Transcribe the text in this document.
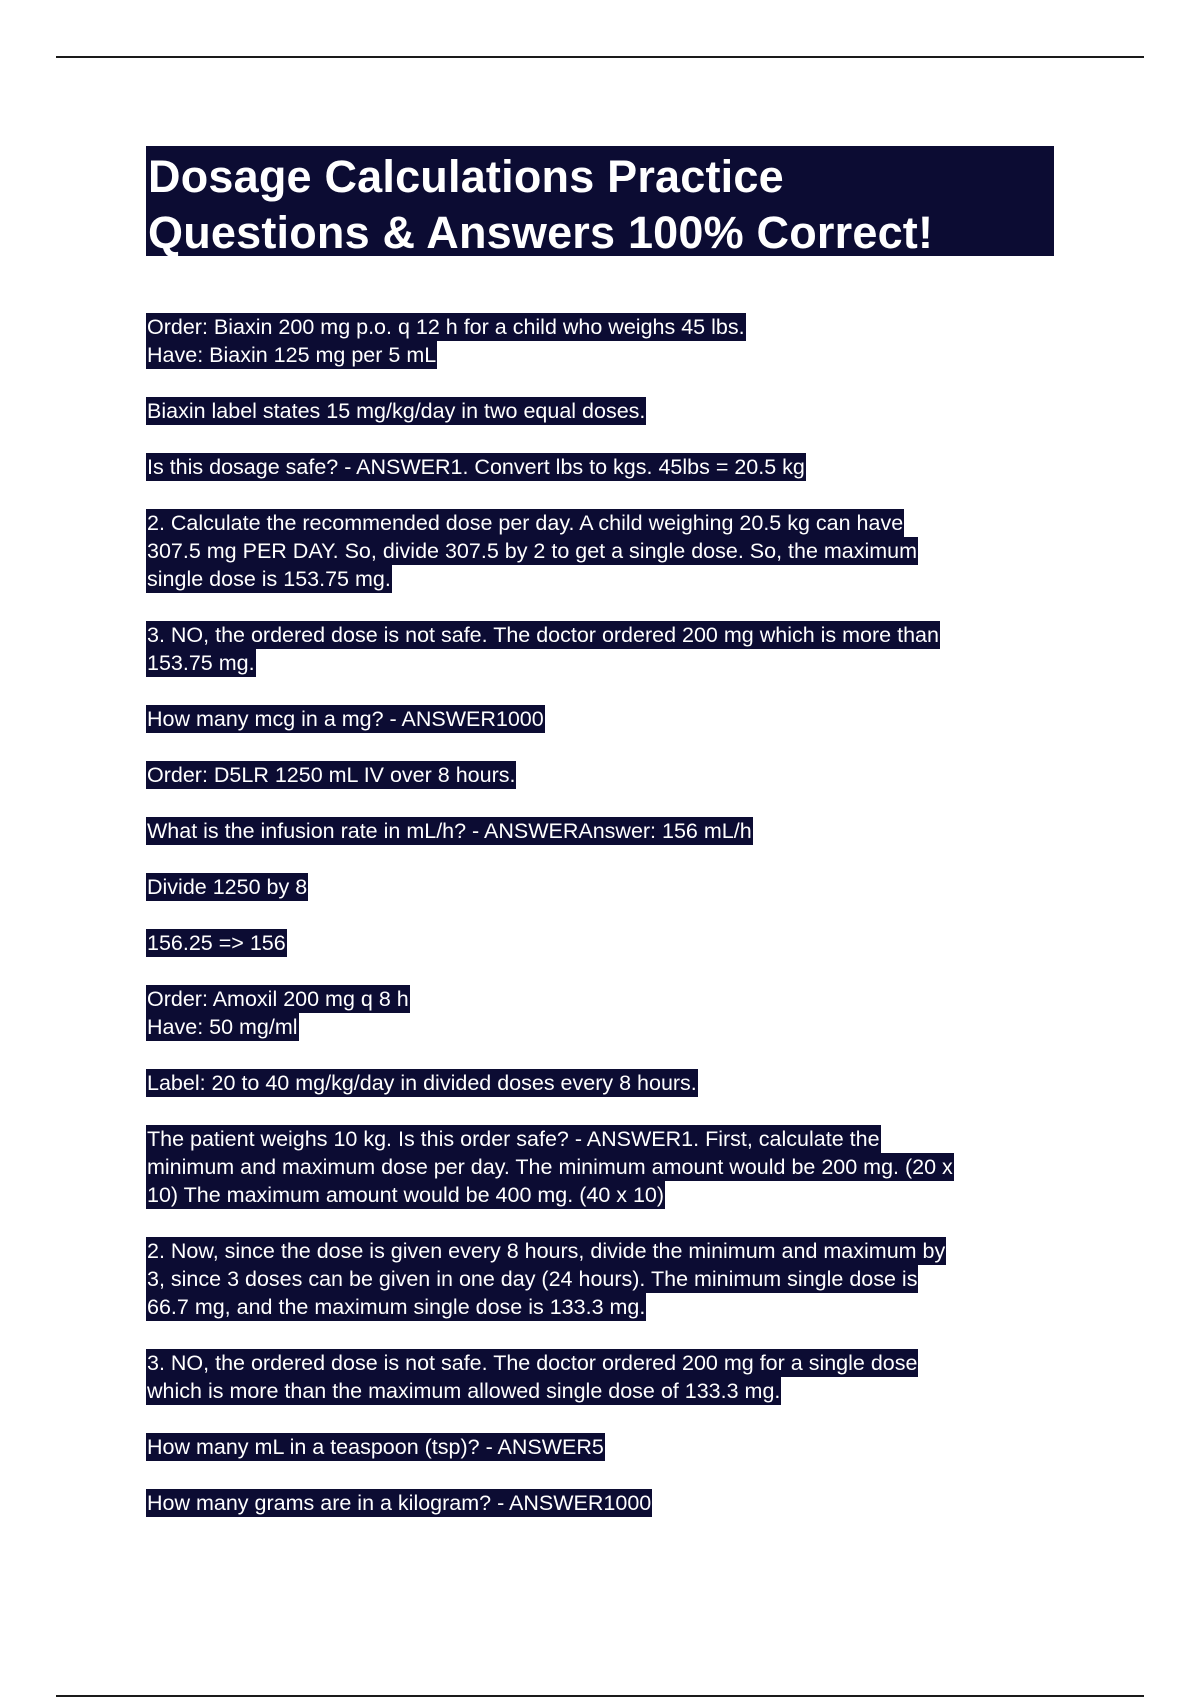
Dosage Calculations Practice
Questions & Answers 100% Correct!
Order: Biaxin 200 mg p.o. q 12 h for a child who weighs 45 lbs.
Have: Biaxin 125 mg per 5 mL
Biaxin label states 15 mg/kg/day in two equal doses.
Is this dosage safe? - ANSWER1. Convert lbs to kgs. 45lbs = 20.5 kg
2. Calculate the recommended dose per day. A child weighing 20.5 kg can have
307.5 mg PER DAY. So, divide 307.5 by 2 to get a single dose. So, the maximum
single dose is 153.75 mg.
3. NO, the ordered dose is not safe. The doctor ordered 200 mg which is more than
153.75 mg.
How many mcg in a mg? - ANSWER1000
Order: D5LR 1250 mL IV over 8 hours.
What is the infusion rate in mL/h? - ANSWERAnswer: 156 mL/h
Divide 1250 by 8
156.25 => 156
Order: Amoxil 200 mg q 8 h
Have: 50 mg/ml
Label: 20 to 40 mg/kg/day in divided doses every 8 hours.
The patient weighs 10 kg. Is this order safe? - ANSWER1. First, calculate the
minimum and maximum dose per day. The minimum amount would be 200 mg. (20 x
10) The maximum amount would be 400 mg. (40 x 10)
2. Now, since the dose is given every 8 hours, divide the minimum and maximum by
3, since 3 doses can be given in one day (24 hours). The minimum single dose is
66.7 mg, and the maximum single dose is 133.3 mg.
3. NO, the ordered dose is not safe. The doctor ordered 200 mg for a single dose
which is more than the maximum allowed single dose of 133.3 mg.
How many mL in a teaspoon (tsp)? - ANSWER5
How many grams are in a kilogram? - ANSWER1000
